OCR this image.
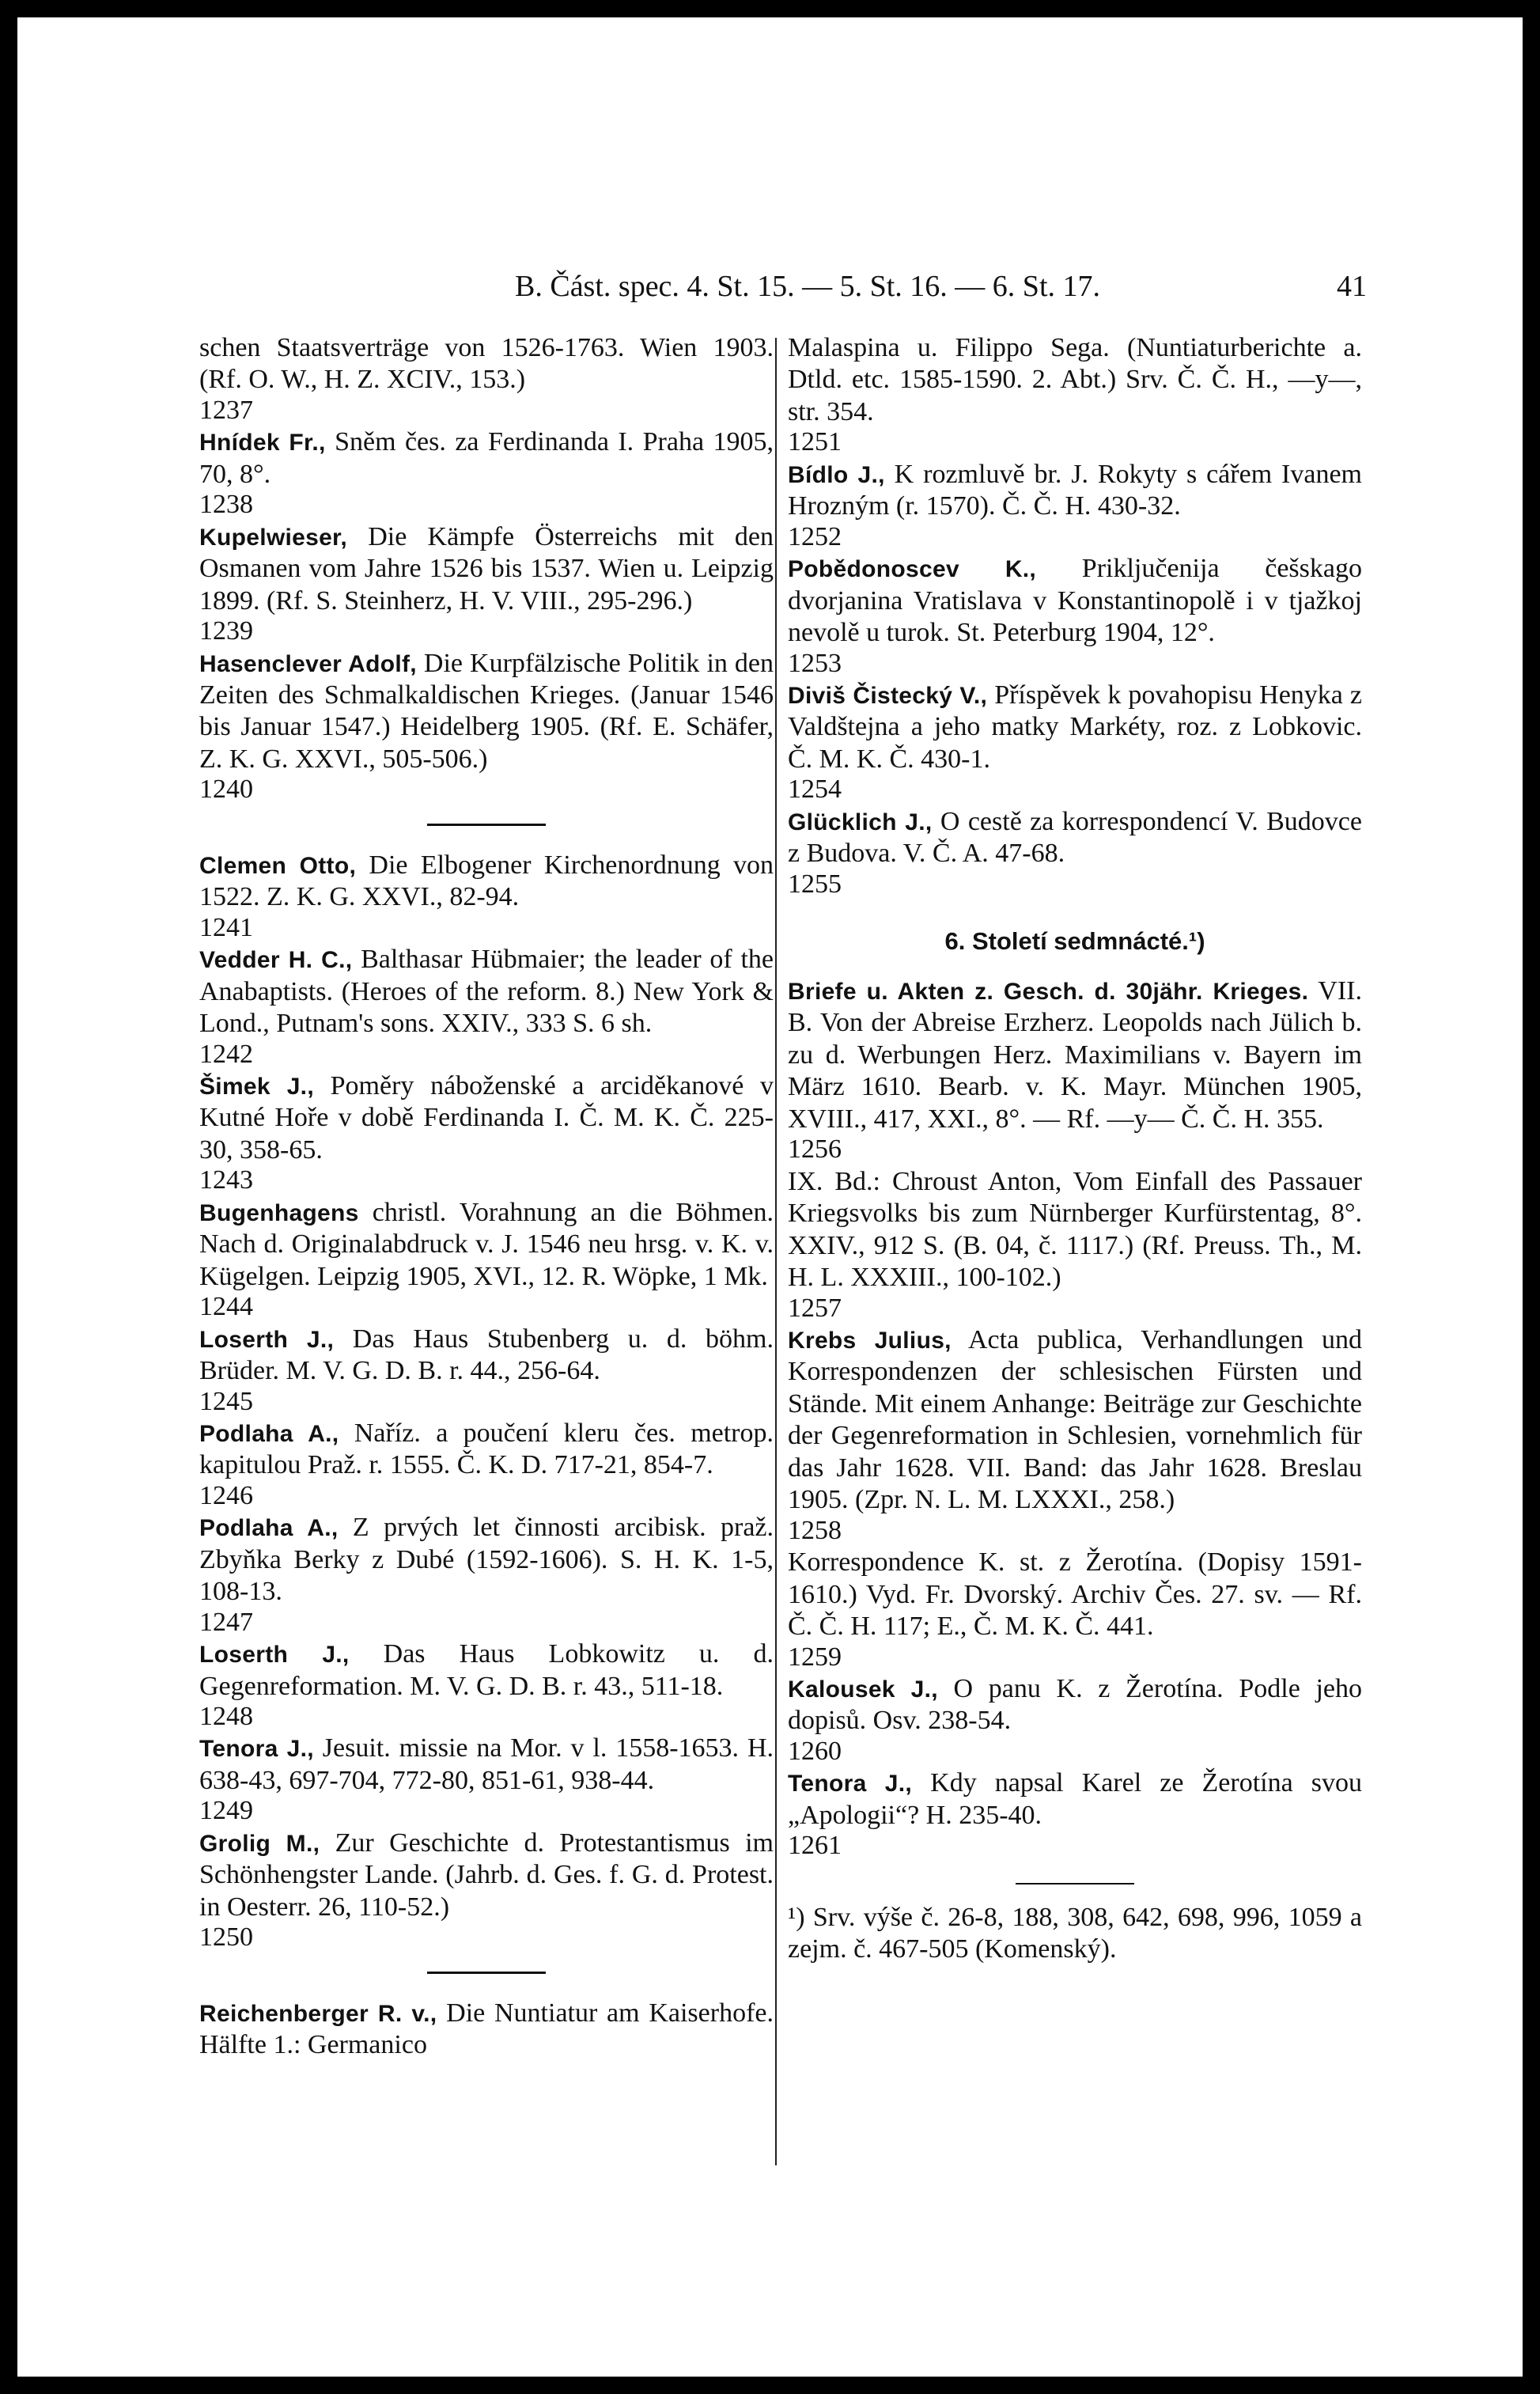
B. Část. spec. 4. St. 15. — 5. St. 16. — 6. St. 17.	41

schen Staatsverträge von 1526-1763. Wien 1903. (Rf. O. W., H. Z. XCIV., 153.)
1237

Hnídek Fr., Sněm čes. za Ferdinanda I. Praha 1905, 70, 8°.
1238

Kupelwieser, Die Kämpfe Österreichs mit den Osmanen vom Jahre 1526 bis 1537. Wien u. Leipzig 1899. (Rf. S. Steinherz, H. V. VIII., 295-296.)
1239

Hasenclever Adolf, Die Kurpfälzische Politik in den Zeiten des Schmalkaldischen Krieges. (Januar 1546 bis Januar 1547.) Heidelberg 1905. (Rf. E. Schäfer, Z. K. G. XXVI., 505-506.)
1240

Clemen Otto, Die Elbogener Kirchenordnung von 1522. Z. K. G. XXVI., 82-94.
1241

Vedder H. C., Balthasar Hübmaier; the leader of the Anabaptists. (Heroes of the reform. 8.) New York & Lond., Putnam's sons. XXIV., 333 S. 6 sh.
1242

Šimek J., Poměry náboženské a arciděkanové v Kutné Hoře v době Ferdinanda I. Č. M. K. Č. 225-30, 358-65.
1243

Bugenhagens christl. Vorahnung an die Böhmen. Nach d. Originalabdruck v. J. 1546 neu hrsg. v. K. v. Kügelgen. Leipzig 1905, XVI., 12. R. Wöpke, 1 Mk.
1244

Loserth J., Das Haus Stubenberg u. d. böhm. Brüder. M. V. G. D. B. r. 44., 256-64.
1245

Podlaha A., Naříz. a poučení kleru čes. metrop. kapitulou Praž. r. 1555. Č. K. D. 717-21, 854-7.
1246

Podlaha A., Z prvých let činnosti arcibisk. praž. Zbyňka Berky z Dubé (1592-1606). S. H. K. 1-5, 108-13.
1247

Loserth J., Das Haus Lobkowitz u. d. Gegenreformation. M. V. G. D. B. r. 43., 511-18.
1248

Tenora J., Jesuit. missie na Mor. v l. 1558-1653. H. 638-43, 697-704, 772-80, 851-61, 938-44.
1249

Grolig M., Zur Geschichte d. Protestantismus im Schönhengster Lande. (Jahrb. d. Ges. f. G. d. Protest. in Oesterr. 26, 110-52.)
1250

Reichenberger R. v., Die Nuntiatur am Kaiserhofe. Hälfte 1.: Germanico

Malaspina u. Filippo Sega. (Nuntiaturberichte a. Dtld. etc. 1585-1590. 2. Abt.) Srv. Č. Č. H., —y—, str. 354.
1251

Bídlo J., K rozmluvě br. J. Rokyty s cářem Ivanem Hrozným (r. 1570). Č. Č. H. 430-32.
1252

Pobědonoscev K., Priključenija češskago dvorjanina Vratislava v Konstantinopolě i v tjažkoj nevolě u turok. St. Peterburg 1904, 12°.
1253

Diviš Čistecký V., Příspěvek k povahopisu Henyka z Valdštejna a jeho matky Markéty, roz. z Lobkovic. Č. M. K. Č. 430-1.
1254

Glücklich J., O cestě za korrespondencí V. Budovce z Budova. V. Č. A. 47-68.
1255

6. Století sedmnácté.¹)

Briefe u. Akten z. Gesch. d. 30jähr. Krieges. VII. B. Von der Abreise Erzherz. Leopolds nach Jülich b. zu d. Werbungen Herz. Maximilians v. Bayern im März 1610. Bearb. v. K. Mayr. München 1905, XVIII., 417, XXI., 8°. — Rf. —y— Č. Č. H. 355.
1256

IX. Bd.: Chroust Anton, Vom Einfall des Passauer Kriegsvolks bis zum Nürnberger Kurfürstentag, 8°. XXIV., 912 S. (B. 04, č. 1117.) (Rf. Preuss. Th., M. H. L. XXXIII., 100-102.)
1257

Krebs Julius, Acta publica, Verhandlungen und Korrespondenzen der schlesischen Fürsten und Stände. Mit einem Anhange: Beiträge zur Geschichte der Gegenreformation in Schlesien, vornehmlich für das Jahr 1628. VII. Band: das Jahr 1628. Breslau 1905. (Zpr. N. L. M. LXXXI., 258.)
1258

Korrespondence K. st. z Žerotína. (Dopisy 1591-1610.) Vyd. Fr. Dvorský. Archiv Čes. 27. sv. — Rf. Č. Č. H. 117; E., Č. M. K. Č. 441.
1259

Kalousek J., O panu K. z Žerotína. Podle jeho dopisů. Osv. 238-54.
1260

Tenora J., Kdy napsal Karel ze Žerotína svou „Apologii“? H. 235-40.
1261

¹) Srv. výše č. 26-8, 188, 308, 642, 698, 996, 1059 a zejm. č. 467-505 (Komenský).
